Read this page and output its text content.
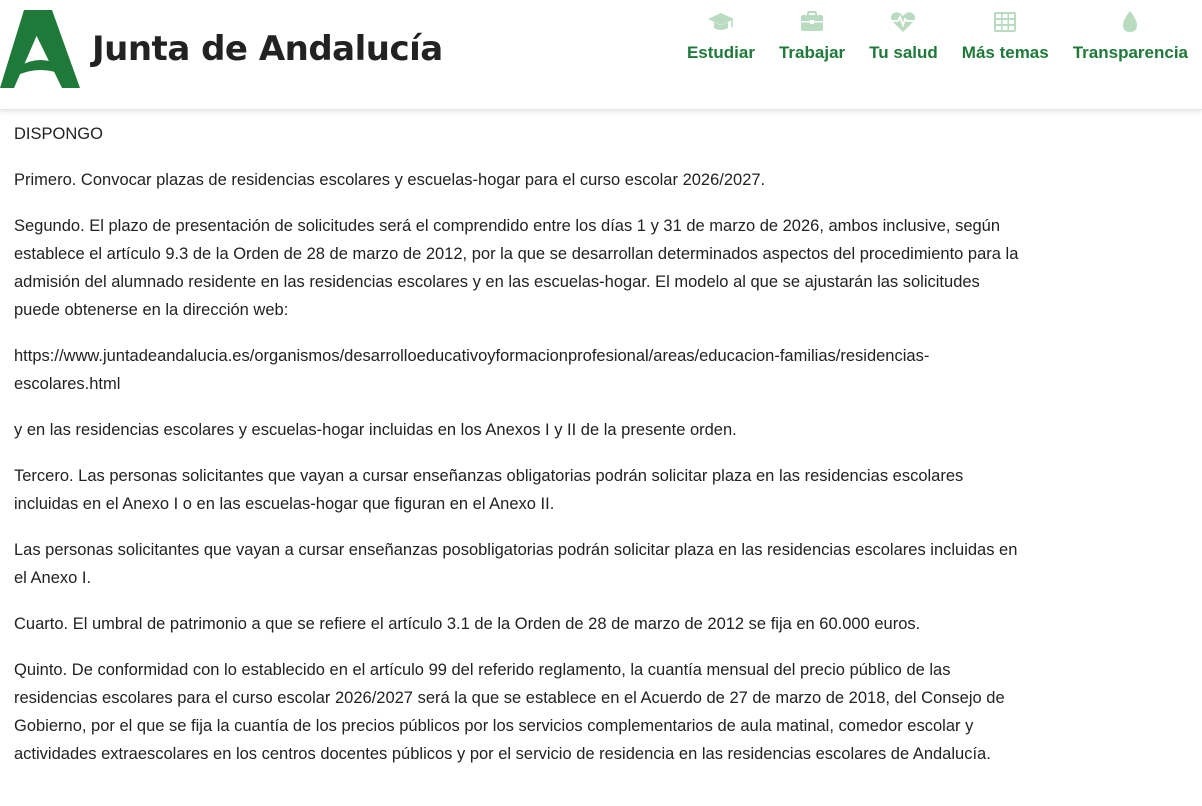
Junta de Andalucía	Estudiar Trabajar Tu salud Más temas Transparencia

DISPONGO

Primero. Convocar plazas de residencias escolares y escuelas-hogar para el curso escolar 2026/2027.

Segundo. El plazo de presentación de solicitudes será el comprendido entre los días 1 y 31 de marzo de 2026, ambos inclusive, según establece el artículo 9.3 de la Orden de 28 de marzo de 2012, por la que se desarrollan determinados aspectos del procedimiento para la admisión del alumnado residente en las residencias escolares y en las escuelas-hogar. El modelo al que se ajustarán las solicitudes puede obtenerse en la dirección web:

https://www.juntadeandalucia.es/organismos/desarrolloeducativoyformacionprofesional/areas/educacion-familias/residencias-escolares.html

y en las residencias escolares y escuelas-hogar incluidas en los Anexos I y II de la presente orden.

Tercero. Las personas solicitantes que vayan a cursar enseñanzas obligatorias podrán solicitar plaza en las residencias escolares incluidas en el Anexo I o en las escuelas-hogar que figuran en el Anexo II.

Las personas solicitantes que vayan a cursar enseñanzas posobligatorias podrán solicitar plaza en las residencias escolares incluidas en el Anexo I.

Cuarto. El umbral de patrimonio a que se refiere el artículo 3.1 de la Orden de 28 de marzo de 2012 se fija en 60.000 euros.

Quinto. De conformidad con lo establecido en el artículo 99 del referido reglamento, la cuantía mensual del precio público de las residencias escolares para el curso escolar 2026/2027 será la que se establece en el Acuerdo de 27 de marzo de 2018, del Consejo de Gobierno, por el que se fija la cuantía de los precios públicos por los servicios complementarios de aula matinal, comedor escolar y actividades extraescolares en los centros docentes públicos y por el servicio de residencia en las residencias escolares de Andalucía.
